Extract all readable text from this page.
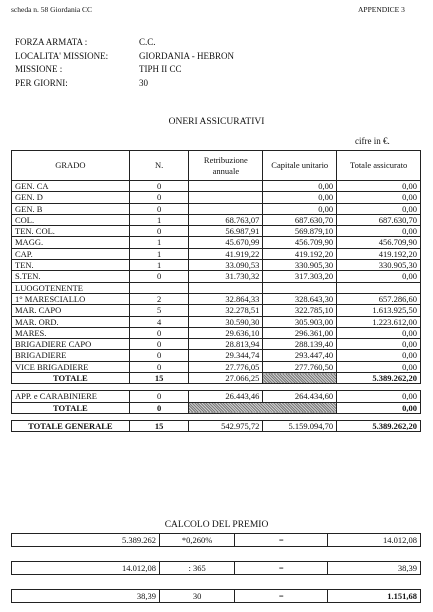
scheda n. 58 Giordania CC	APPENDICE 3
FORZA ARMATA :	C.C.
LOCALITA' MISSIONE:	GIORDANIA - HEBRON
MISSIONE :	TIPH II CC
PER GIORNI:	30
ONERI ASSICURATIVI
cifre in €.
GRADO	N.	Retribuzione annuale	Capitale unitario	Totale assicurato
GEN. CA	0		0,00	0,00
GEN. D	0		0,00	0,00
GEN. B	0		0,00	0,00
COL.	1	68.763,07	687.630,70	687.630,70
TEN. COL.	0	56.987,91	569.879,10	0,00
MAGG.	1	45.670,99	456.709,90	456.709,90
CAP.	1	41.919,22	419.192,20	419.192,20
TEN.	1	33.090,53	330.905,30	330.905,30
S.TEN.	0	31.730,32	317.303,20	0,00
LUOGOTENENTE				
1° MARESCIALLO	2	32.864,33	328.643,30	657.286,60
MAR. CAPO	5	32.278,51	322.785,10	1.613.925,50
MAR. ORD.	4	30.590,30	305.903,00	1.223.612,00
MARES.	0	29.636,10	296.361,00	0,00
BRIGADIERE CAPO	0	28.813,94	288.139,40	0,00
BRIGADIERE	0	29.344,74	293.447,40	0,00
VICE BRIGADIERE	0	27.776,05	277.760,50	0,00
TOTALE	15	27.066,25		5.389.262,20

APP. e CARABINIERE	0	26.443,46	264.434,60	0,00
TOTALE	0			0,00

TOTALE GENERALE	15	542.975,72	5.159.094,70	5.389.262,20
CALCOLO DEL PREMIO
5.389.262	*0,260%	=	14.012,08
14.012,08	: 365	=	38,39
38,39	30	=	1.151,68
